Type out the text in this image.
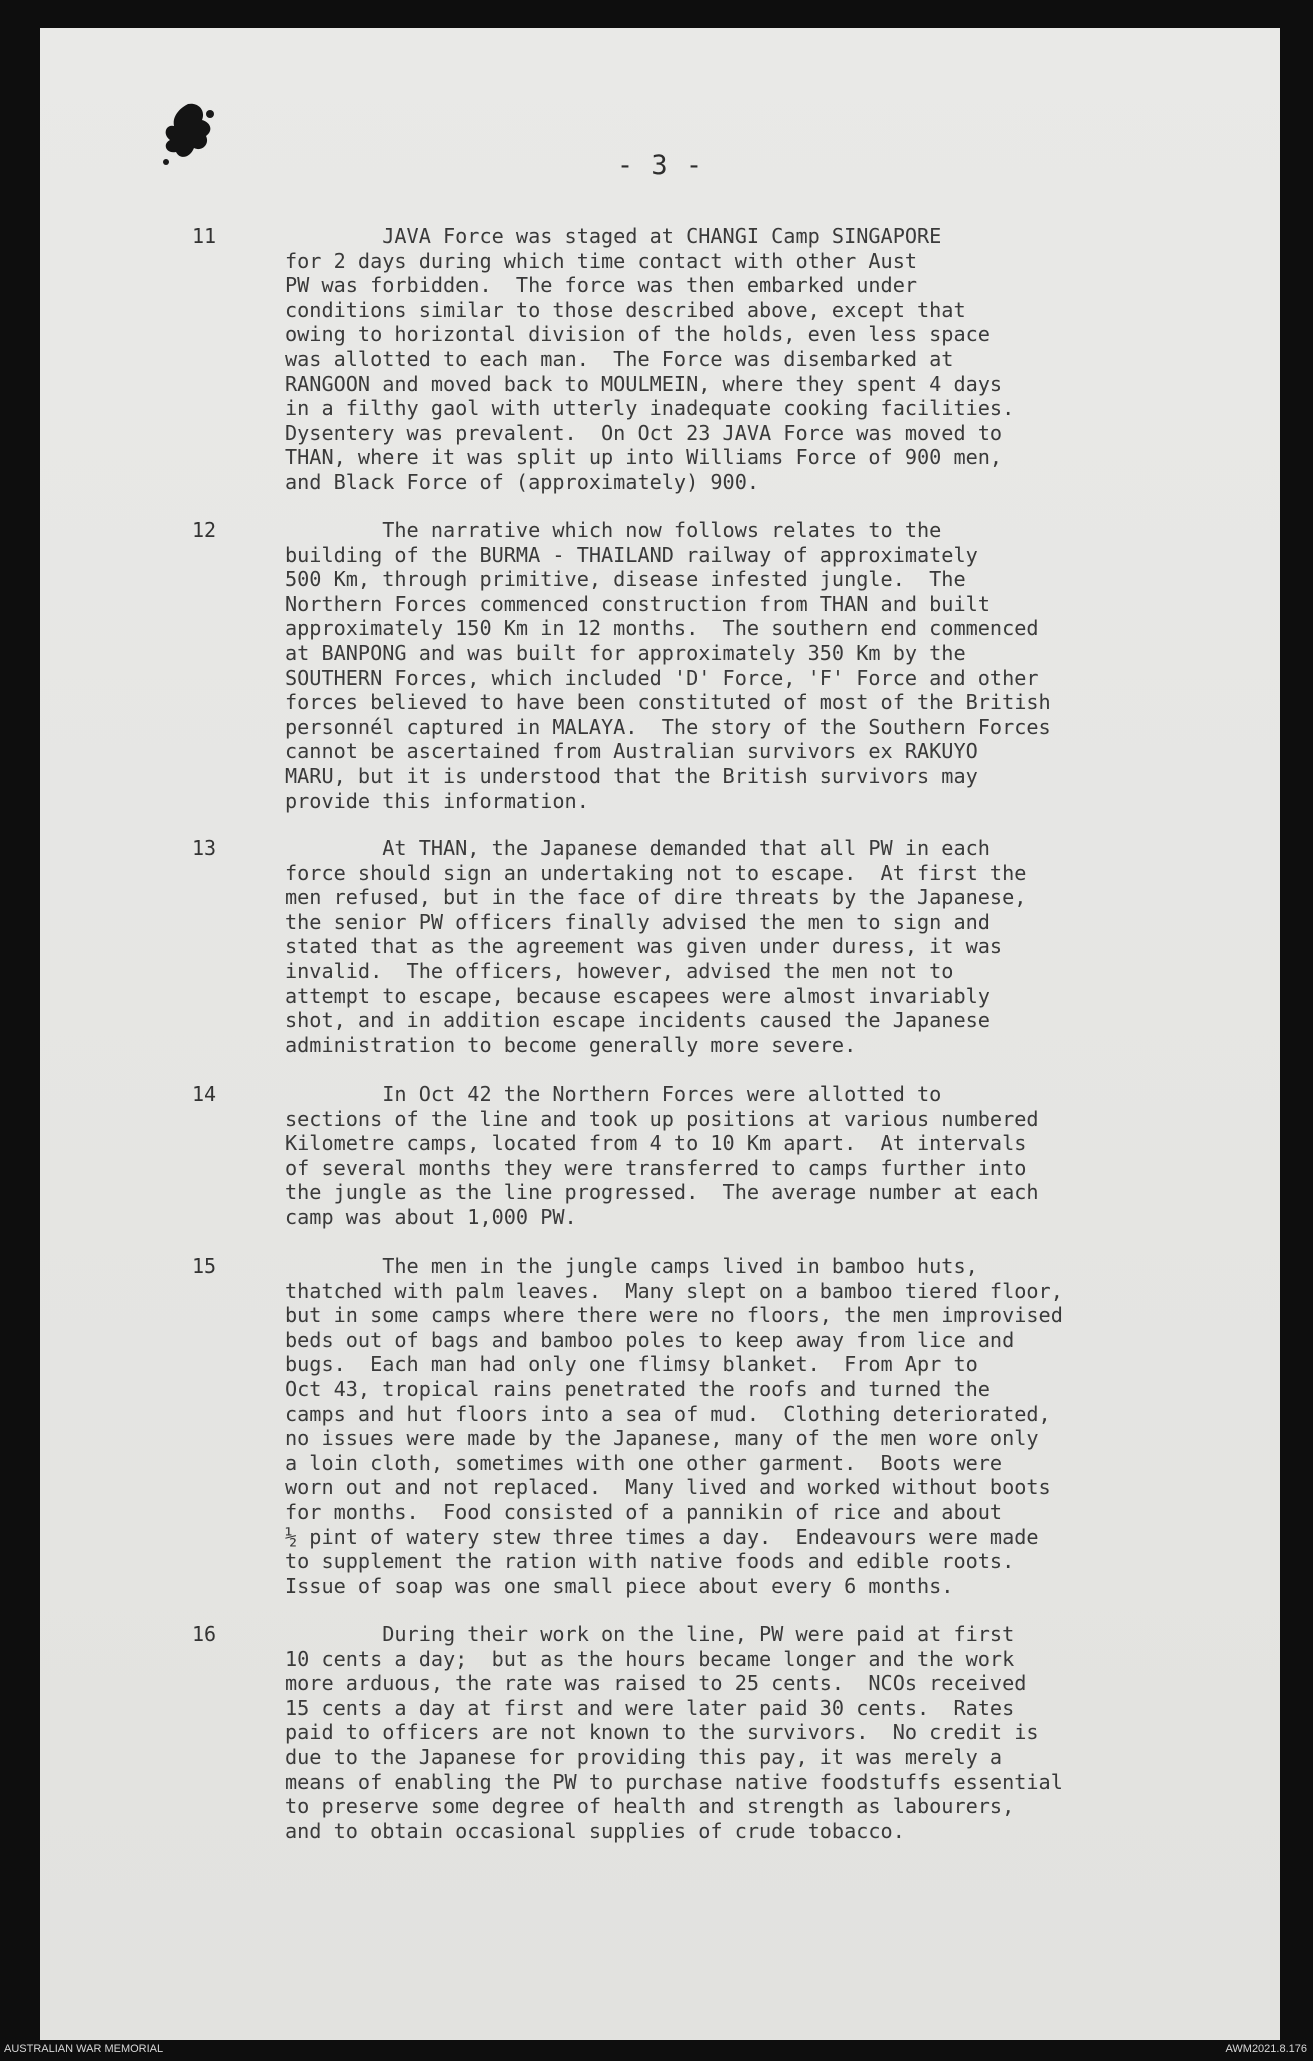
- 3 -
11	JAVA Force was staged at CHANGI Camp SINGAPORE
for 2 days during which time contact with other Aust
PW was forbidden.  The force was then embarked under
conditions similar to those described above, except that
owing to horizontal division of the holds, even less space
was allotted to each man.  The Force was disembarked at
RANGOON and moved back to MOULMEIN, where they spent 4 days
in a filthy gaol with utterly inadequate cooking facilities.
Dysentery was prevalent.  On Oct 23 JAVA Force was moved to
THAN, where it was split up into Williams Force of 900 men,
and Black Force of (approximately) 900.

12	The narrative which now follows relates to the
building of the BURMA - THAILAND railway of approximately
500 Km, through primitive, disease infested jungle.  The
Northern Forces commenced construction from THAN and built
approximately 150 Km in 12 months.  The southern end commenced
at BANPONG and was built for approximately 350 Km by the
SOUTHERN Forces, which included 'D' Force, 'F' Force and other
forces believed to have been constituted of most of the British
personnél captured in MALAYA.  The story of the Southern Forces
cannot be ascertained from Australian survivors ex RAKUYO
MARU, but it is understood that the British survivors may
provide this information.

13	At THAN, the Japanese demanded that all PW in each
force should sign an undertaking not to escape.  At first the
men refused, but in the face of dire threats by the Japanese,
the senior PW officers finally advised the men to sign and
stated that as the agreement was given under duress, it was
invalid.  The officers, however, advised the men not to
attempt to escape, because escapees were almost invariably
shot, and in addition escape incidents caused the Japanese
administration to become generally more severe.

14	In Oct 42 the Northern Forces were allotted to
sections of the line and took up positions at various numbered
Kilometre camps, located from 4 to 10 Km apart.  At intervals
of several months they were transferred to camps further into
the jungle as the line progressed.  The average number at each
camp was about 1,000 PW.

15	The men in the jungle camps lived in bamboo huts,
thatched with palm leaves.  Many slept on a bamboo tiered floor,
but in some camps where there were no floors, the men improvised
beds out of bags and bamboo poles to keep away from lice and
bugs.  Each man had only one flimsy blanket.  From Apr to
Oct 43, tropical rains penetrated the roofs and turned the
camps and hut floors into a sea of mud.  Clothing deteriorated,
no issues were made by the Japanese, many of the men wore only
a loin cloth, sometimes with one other garment.  Boots were
worn out and not replaced.  Many lived and worked without boots
for months.  Food consisted of a pannikin of rice and about
½ pint of watery stew three times a day.  Endeavours were made
to supplement the ration with native foods and edible roots.
Issue of soap was one small piece about every 6 months.

16	During their work on the line, PW were paid at first
10 cents a day;  but as the hours became longer and the work
more arduous, the rate was raised to 25 cents.  NCOs received
15 cents a day at first and were later paid 30 cents.  Rates
paid to officers are not known to the survivors.  No credit is
due to the Japanese for providing this pay, it was merely a
means of enabling the PW to purchase native foodstuffs essential
to preserve some degree of health and strength as labourers,
and to obtain occasional supplies of crude tobacco.

AUSTRALIAN WAR MEMORIAL	AWM2021.8.176
